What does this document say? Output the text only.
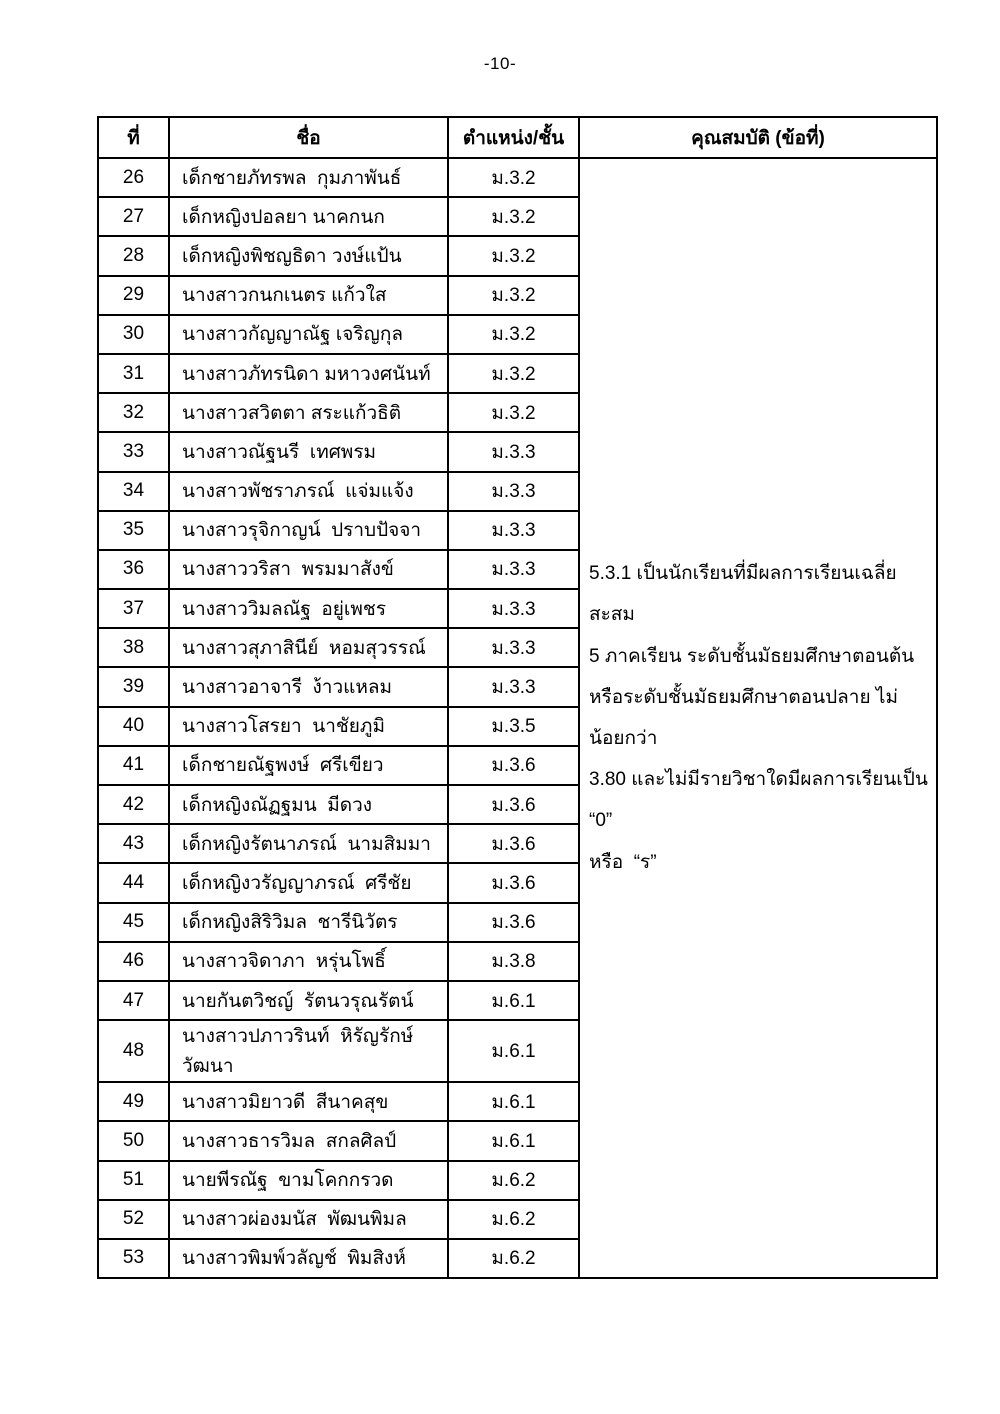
-10-
ที่	ชื่อ	ตำแหน่ง/ชั้น	คุณสมบัติ (ข้อที่)
26	เด็กชายภัทรพล  กุมภาพันธ์	ม.3.2	5.3.1 เป็นนักเรียนที่มีผลการเรียนเฉลี่ยสะสม
5 ภาคเรียน ระดับชั้นมัธยมศึกษาตอนต้น
หรือระดับชั้นมัธยมศึกษาตอนปลาย ไม่น้อยกว่า
3.80 และไม่มีรายวิชาใดมีผลการเรียนเป็น  “0”
หรือ  “ร”

27	เด็กหญิงปอลยา นาคกนก	ม.3.2	
28	เด็กหญิงพิชญธิดา วงษ์แป้น	ม.3.2	
29	นางสาวกนกเนตร แก้วใส	ม.3.2	
30	นางสาวกัญญาณัฐ เจริญกุล	ม.3.2	
31	นางสาวภัทรนิดา มหาวงศนันท์	ม.3.2	
32	นางสาวสวิตตา สระแก้วธิติ	ม.3.2	
33	นางสาวณัฐนรี  เทศพรม	ม.3.3	
34	นางสาวพัชราภรณ์  แจ่มแจ้ง	ม.3.3	
35	นางสาวรุจิกาญน์  ปราบปัจจา	ม.3.3	
36	นางสาววริสา  พรมมาสังข์	ม.3.3	
37	นางสาววิมลณัฐ  อยู่เพชร	ม.3.3	
38	นางสาวสุภาสินีย์  หอมสุวรรณ์	ม.3.3	
39	นางสาวอาจารี  ง้าวแหลม	ม.3.3	
40	นางสาวโสรยา  นาชัยภูมิ	ม.3.5	
41	เด็กชายณัฐพงษ์  ศรีเขียว	ม.3.6	
42	เด็กหญิงณัฏฐมน  มีดวง	ม.3.6	
43	เด็กหญิงรัตนาภรณ์  นามสิมมา	ม.3.6	
44	เด็กหญิงวรัญญาภรณ์  ศรีชัย	ม.3.6	
45	เด็กหญิงสิริวิมล  ชารีนิวัตร	ม.3.6	
46	นางสาวจิดาภา  หรุ่นโพธิ์	ม.3.8	
47	นายกันตวิชญ์  รัตนวรุณรัตน์	ม.6.1	
48	นางสาวปภาวรินท์  หิรัญรักษ์วัฒนา	ม.6.1	
49	นางสาวมิยาวดี  สีนาคสุข	ม.6.1	
50	นางสาวธารวิมล  สกลศิลป์	ม.6.1	
51	นายพีรณัฐ  ขามโคกกรวด	ม.6.2	
52	นางสาวผ่องมนัส  พัฒนพิมล	ม.6.2	
53	นางสาวพิมพ์วลัญช์  พิมสิงห์	ม.6.2	
